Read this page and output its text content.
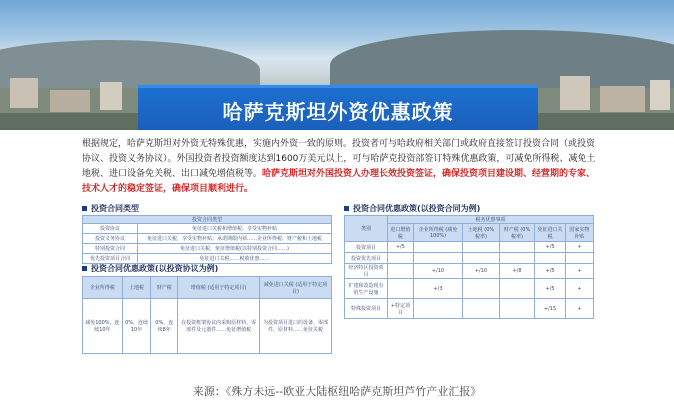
哈萨克斯坦外资优惠政策
根据规定，哈萨克斯坦对外资无特殊优惠，实施内外资一致的原则。投资者可与哈政府相关部门或政府直接签订投资合同（或投资协议、投资义务协议）。外国投资者投资额度达到1600万美元以上，可与哈萨克投资部签订特殊优惠政策，可减免所得税、减免土地税、进口设备免关税、出口减免增值税等。哈萨克斯坦对外国投资人办理长效投资签证，确保投资项目建设期、经营期的专家、技术人才的稳定签证，确保项目顺利进行。
投资合同类型
投资合同类型	
投资协议	免征进口关税和增值税，享受实物补贴
投资义务协议	免征进口关税，享受实物补贴；承诺期限内须……企业所得税、财产税和土地税
特别投资合同	免征进口关税，免征增值税(以特别投资合同……)
优先投资项目合同	免征进口关税……税收优惠……
投资合同优惠政策(以投资协议为例)
企业所得税	土地税	财产税	增值税 (适用于特定项目)	减免进口关税 (适用于特定项目)
减免100%，连续10年	0%，连续10年	0%，连续8年	在投资框架协议内采购原材料、零部件及元器件……免征增值税	为投资项目进口的设备、零部件、原材料……免征关税
投资合同优惠政策(以投资合同为例)
类别	税务优惠事项					
	进口增值税	企业所得税 (减免100%)	土地税 (0%税率)	财产税 (0%税率)	免征进口关税	国家实物补贴
投资项目	+/5				+/5	+
投资优先项目						
经济特区投资项目		+/10	+/10	+/8	+/5	+
扩建和改造现有的生产设施		+/3			+/5	+
特殊投资项目	+特定项目				+/15	+
来源：《殊方未远--欧亚大陆枢纽哈萨克斯坦芦竹产业汇报》
